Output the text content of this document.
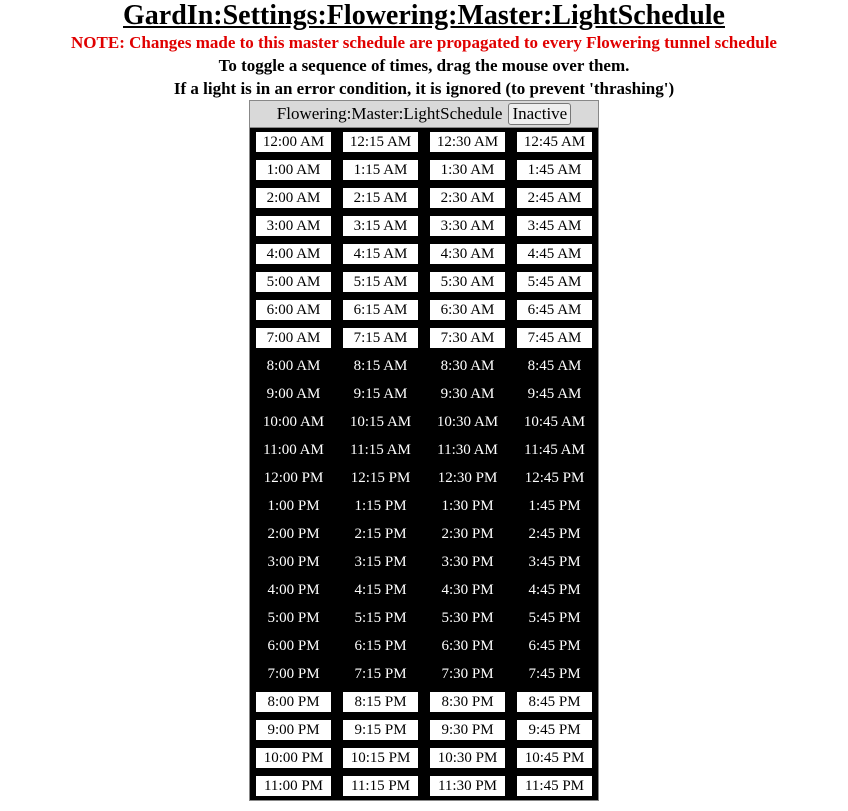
GardIn:Settings:Flowering:Master:LightSchedule
NOTE: Changes made to this master schedule are propagated to every Flowering tunnel schedule
To toggle a sequence of times, drag the mouse over them.
If a light is in an error condition, it is ignored (to prevent 'thrashing')
Flowering:Master:LightSchedule Inactive
12:00 AM	12:15 AM	12:30 AM	12:45 AM
1:00 AM	1:15 AM	1:30 AM	1:45 AM
2:00 AM	2:15 AM	2:30 AM	2:45 AM
3:00 AM	3:15 AM	3:30 AM	3:45 AM
4:00 AM	4:15 AM	4:30 AM	4:45 AM
5:00 AM	5:15 AM	5:30 AM	5:45 AM
6:00 AM	6:15 AM	6:30 AM	6:45 AM
7:00 AM	7:15 AM	7:30 AM	7:45 AM
8:00 AM	8:15 AM	8:30 AM	8:45 AM
9:00 AM	9:15 AM	9:30 AM	9:45 AM
10:00 AM	10:15 AM	10:30 AM	10:45 AM
11:00 AM	11:15 AM	11:30 AM	11:45 AM
12:00 PM	12:15 PM	12:30 PM	12:45 PM
1:00 PM	1:15 PM	1:30 PM	1:45 PM
2:00 PM	2:15 PM	2:30 PM	2:45 PM
3:00 PM	3:15 PM	3:30 PM	3:45 PM
4:00 PM	4:15 PM	4:30 PM	4:45 PM
5:00 PM	5:15 PM	5:30 PM	5:45 PM
6:00 PM	6:15 PM	6:30 PM	6:45 PM
7:00 PM	7:15 PM	7:30 PM	7:45 PM
8:00 PM	8:15 PM	8:30 PM	8:45 PM
9:00 PM	9:15 PM	9:30 PM	9:45 PM
10:00 PM	10:15 PM	10:30 PM	10:45 PM
11:00 PM	11:15 PM	11:30 PM	11:45 PM
